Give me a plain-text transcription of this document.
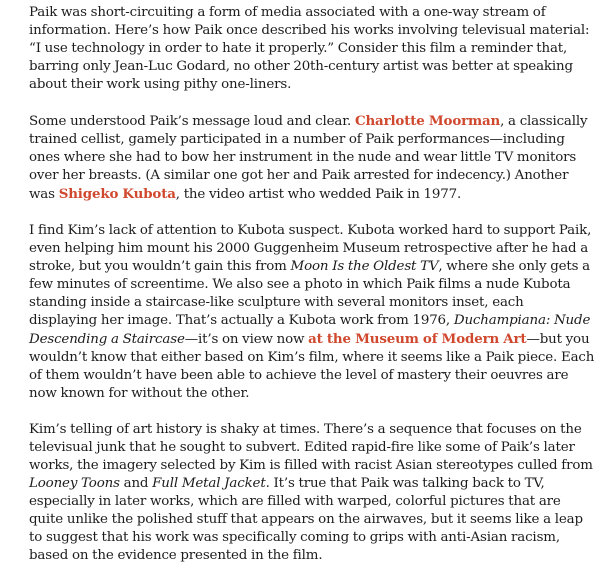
Paik was short-circuiting a form of media associated with a one-way stream of information. Here’s how Paik once described his works involving televisual material: “I use technology in order to hate it properly.” Consider this film a reminder that, barring only Jean-Luc Godard, no other 20th-century artist was better at speaking about their work using pithy one-liners.

Some understood Paik’s message loud and clear. Charlotte Moorman, a classically trained cellist, gamely participated in a number of Paik performances—including ones where she had to bow her instrument in the nude and wear little TV monitors over her breasts. (A similar one got her and Paik arrested for indecency.) Another was Shigeko Kubota, the video artist who wedded Paik in 1977.

I find Kim’s lack of attention to Kubota suspect. Kubota worked hard to support Paik, even helping him mount his 2000 Guggenheim Museum retrospective after he had a stroke, but you wouldn’t gain this from Moon Is the Oldest TV, where she only gets a few minutes of screentime. We also see a photo in which Paik films a nude Kubota standing inside a staircase-like sculpture with several monitors inset, each displaying her image. That’s actually a Kubota work from 1976, Duchampiana: Nude Descending a Staircase—it’s on view now at the Museum of Modern Art—but you wouldn’t know that either based on Kim’s film, where it seems like a Paik piece. Each of them wouldn’t have been able to achieve the level of mastery their oeuvres are now known for without the other.

Kim’s telling of art history is shaky at times. There’s a sequence that focuses on the televisual junk that he sought to subvert. Edited rapid-fire like some of Paik’s later works, the imagery selected by Kim is filled with racist Asian stereotypes culled from Looney Toons and Full Metal Jacket. It’s true that Paik was talking back to TV, especially in later works, which are filled with warped, colorful pictures that are quite unlike the polished stuff that appears on the airwaves, but it seems like a leap to suggest that his work was specifically coming to grips with anti-Asian racism, based on the evidence presented in the film.
